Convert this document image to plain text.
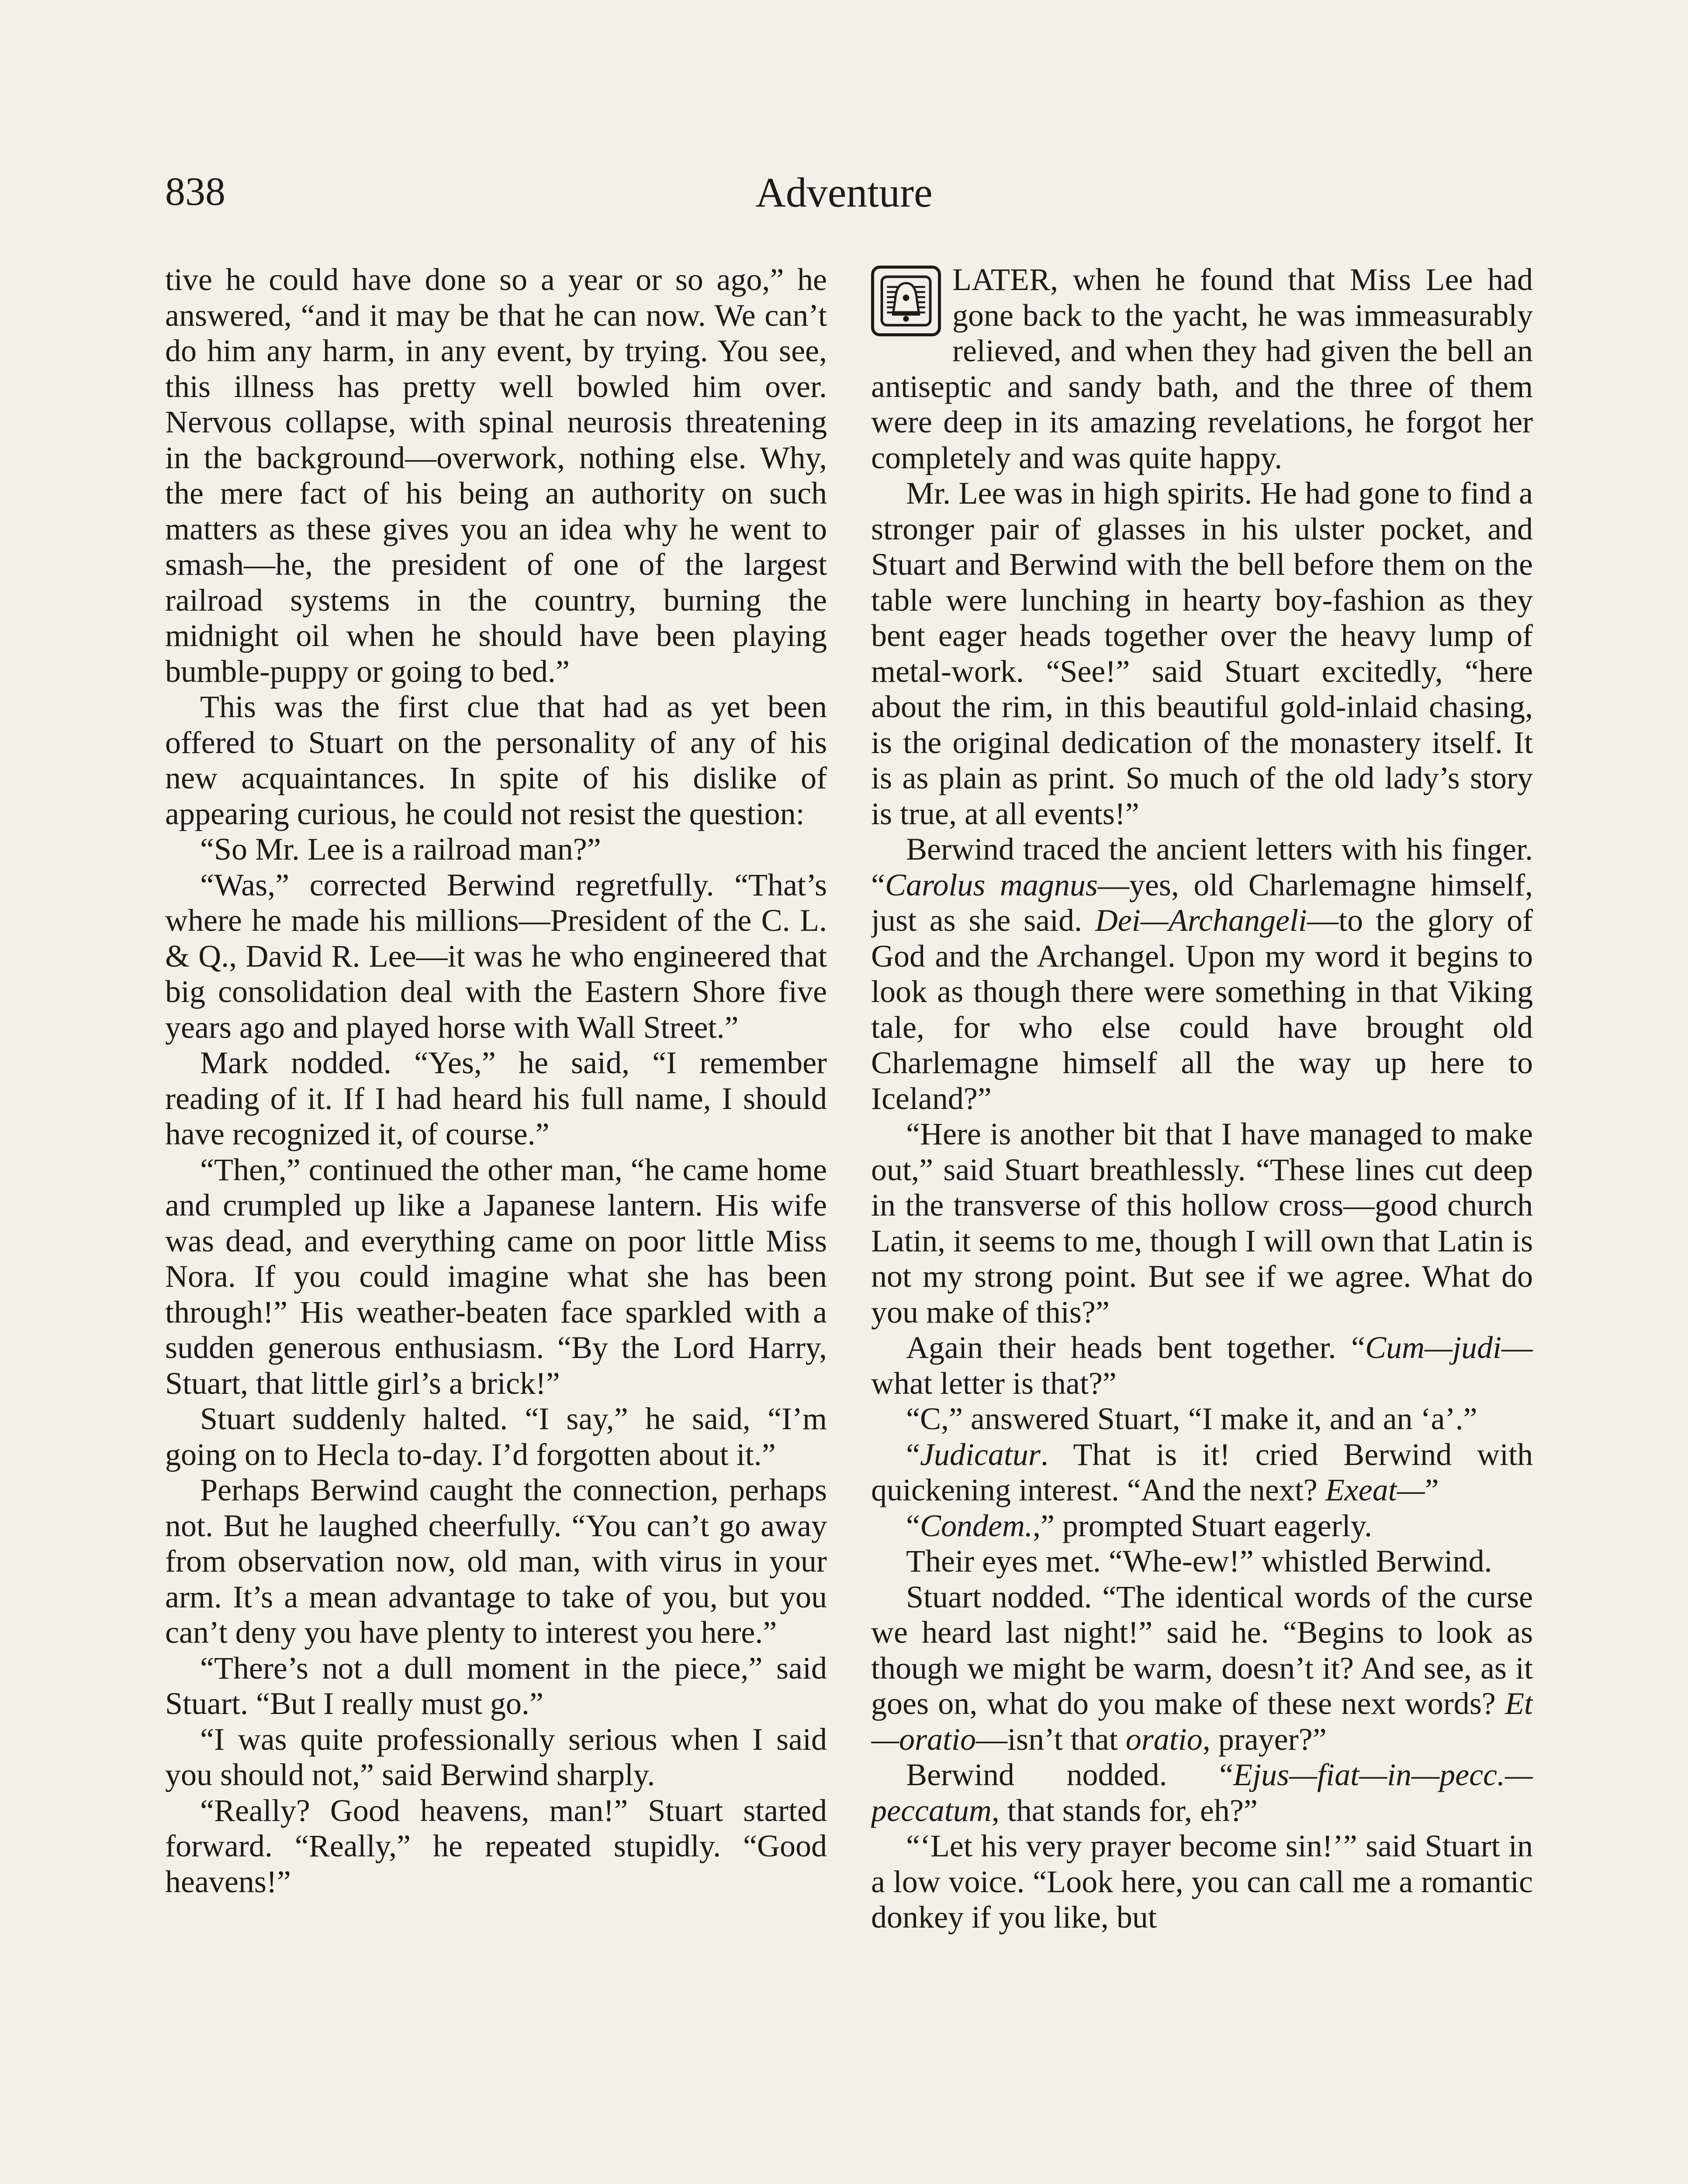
838	Adventure

tive he could have done so a year or so ago,” he answered, “and it may be that he can now. We can’t do him any harm, in any event, by trying. You see, this illness has pretty well bowled him over. Nervous collapse, with spinal neurosis threatening in the background—overwork, nothing else. Why, the mere fact of his being an authority on such matters as these gives you an idea why he went to smash—he, the president of one of the largest railroad systems in the country, burning the midnight oil when he should have been playing bumble-puppy or going to bed.”

This was the first clue that had as yet been offered to Stuart on the personality of any of his new acquaintances. In spite of his dislike of appearing curious, he could not resist the question:

“So Mr. Lee is a railroad man?”

“Was,” corrected Berwind regretfully. “That’s where he made his millions—President of the C. L. & Q., David R. Lee—it was he who engineered that big consolidation deal with the Eastern Shore five years ago and played horse with Wall Street.”

Mark nodded. “Yes,” he said, “I remember reading of it. If I had heard his full name, I should have recognized it, of course.”

“Then,” continued the other man, “he came home and crumpled up like a Japanese lantern. His wife was dead, and everything came on poor little Miss Nora. If you could imagine what she has been through!” His weather-beaten face sparkled with a sudden generous enthusiasm. “By the Lord Harry, Stuart, that little girl’s a brick!”

Stuart suddenly halted. “I say,” he said, “I’m going on to Hecla to-day. I’d forgotten about it.”

Perhaps Berwind caught the connection, perhaps not. But he laughed cheerfully. “You can’t go away from observation now, old man, with virus in your arm. It’s a mean advantage to take of you, but you can’t deny you have plenty to interest you here.”

“There’s not a dull moment in the piece,” said Stuart. “But I really must go.”

“I was quite professionally serious when I said you should not,” said Berwind sharply.

“Really? Good heavens, man!” Stuart started forward. “Really,” he repeated stupidly. “Good heavens!”

LATER, when he found that Miss Lee had gone back to the yacht, he was immeasurably relieved, and when they had given the bell an antiseptic and sandy bath, and the three of them were deep in its amazing revelations, he forgot her completely and was quite happy.

Mr. Lee was in high spirits. He had gone to find a stronger pair of glasses in his ulster pocket, and Stuart and Berwind with the bell before them on the table were lunching in hearty boy-fashion as they bent eager heads together over the heavy lump of metal-work. “See!” said Stuart excitedly, “here about the rim, in this beautiful gold-inlaid chasing, is the original dedication of the monastery itself. It is as plain as print. So much of the old lady’s story is true, at all events!”

Berwind traced the ancient letters with his finger. “Carolus magnus—yes, old Charlemagne himself, just as she said. Dei—Archangeli—to the glory of God and the Archangel. Upon my word it begins to look as though there were something in that Viking tale, for who else could have brought old Charlemagne himself all the way up here to Iceland?”

“Here is another bit that I have managed to make out,” said Stuart breathlessly. “These lines cut deep in the transverse of this hollow cross—good church Latin, it seems to me, though I will own that Latin is not my strong point. But see if we agree. What do you make of this?”

Again their heads bent together. “Cum—judi—what letter is that?”

“C,” answered Stuart, “I make it, and an ‘a’.”

“Judicatur. That is it! cried Berwind with quickening interest. “And the next? Exeat—”

“Condem.,” prompted Stuart eagerly.

Their eyes met. “Whe-ew!” whistled Berwind.

Stuart nodded. “The identical words of the curse we heard last night!” said he. “Begins to look as though we might be warm, doesn’t it? And see, as it goes on, what do you make of these next words? Et—oratio—isn’t that oratio, prayer?”

Berwind nodded. “Ejus—fiat—in—pecc.—peccatum, that stands for, eh?”

“‘Let his very prayer become sin!’” said Stuart in a low voice. “Look here, you can call me a romantic donkey if you like, but
